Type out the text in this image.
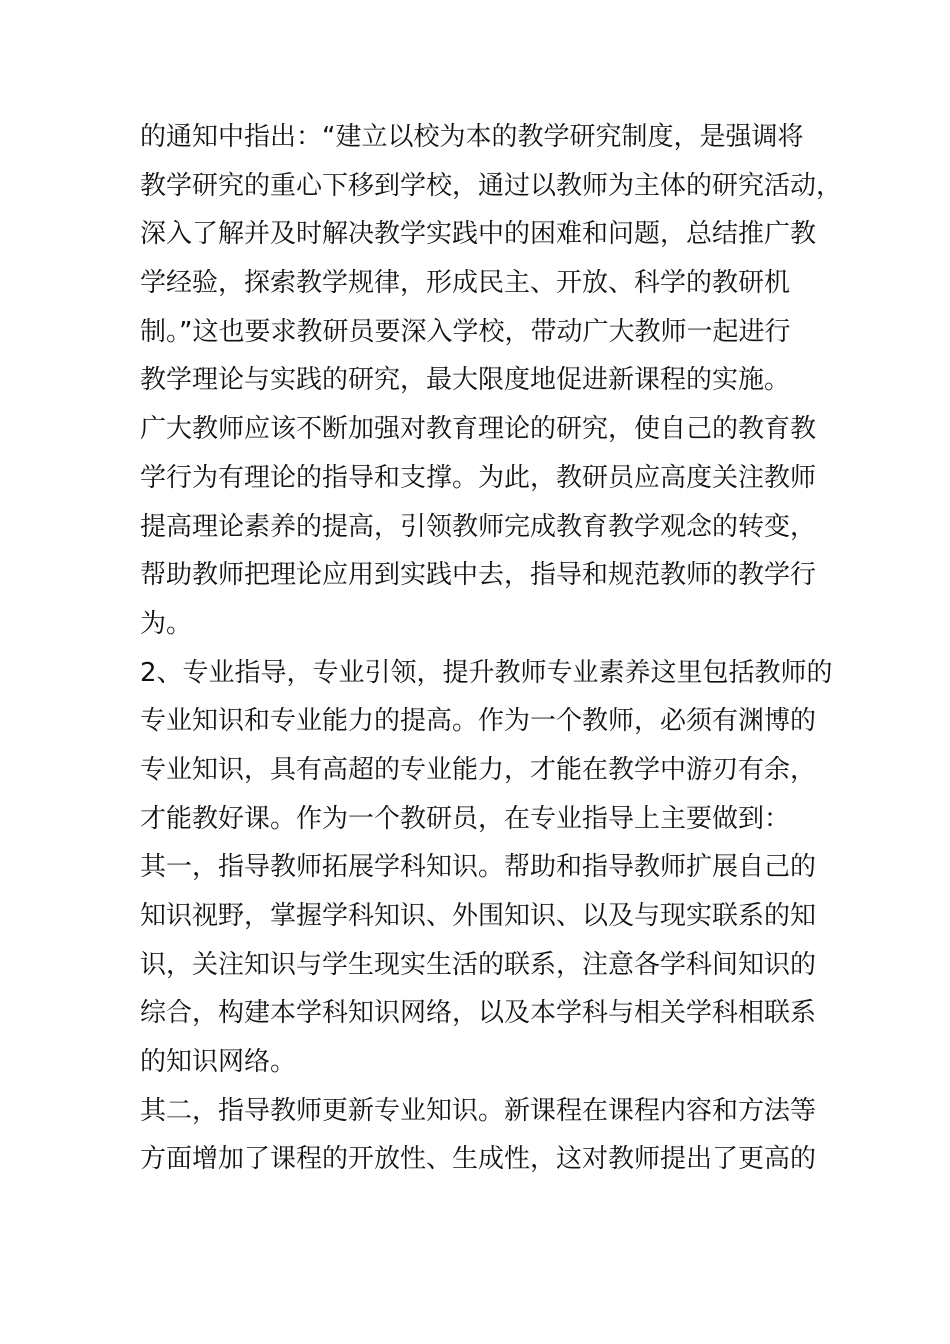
的通知中指出：“建立以校为本的教学研究制度，是强调将
教学研究的重心下移到学校，通过以教师为主体的研究活动，
深入了解并及时解决教学实践中的困难和问题，总结推广教
学经验，探索教学规律，形成民主、开放、科学的教研机
制。”这也要求教研员要深入学校，带动广大教师一起进行
教学理论与实践的研究，最大限度地促进新课程的实施。
广大教师应该不断加强对教育理论的研究，使自己的教育教
学行为有理论的指导和支撑。为此，教研员应高度关注教师
提高理论素养的提高，引领教师完成教育教学观念的转变，
帮助教师把理论应用到实践中去，指导和规范教师的教学行
为。
2、专业指导，专业引领，提升教师专业素养这里包括教师的
专业知识和专业能力的提高。作为一个教师，必须有渊博的
专业知识，具有高超的专业能力，才能在教学中游刃有余，
才能教好课。作为一个教研员，在专业指导上主要做到：
其一，指导教师拓展学科知识。帮助和指导教师扩展自己的
知识视野，掌握学科知识、外围知识、以及与现实联系的知
识，关注知识与学生现实生活的联系，注意各学科间知识的
综合，构建本学科知识网络，以及本学科与相关学科相联系
的知识网络。
其二，指导教师更新专业知识。新课程在课程内容和方法等
方面增加了课程的开放性、生成性，这对教师提出了更高的
